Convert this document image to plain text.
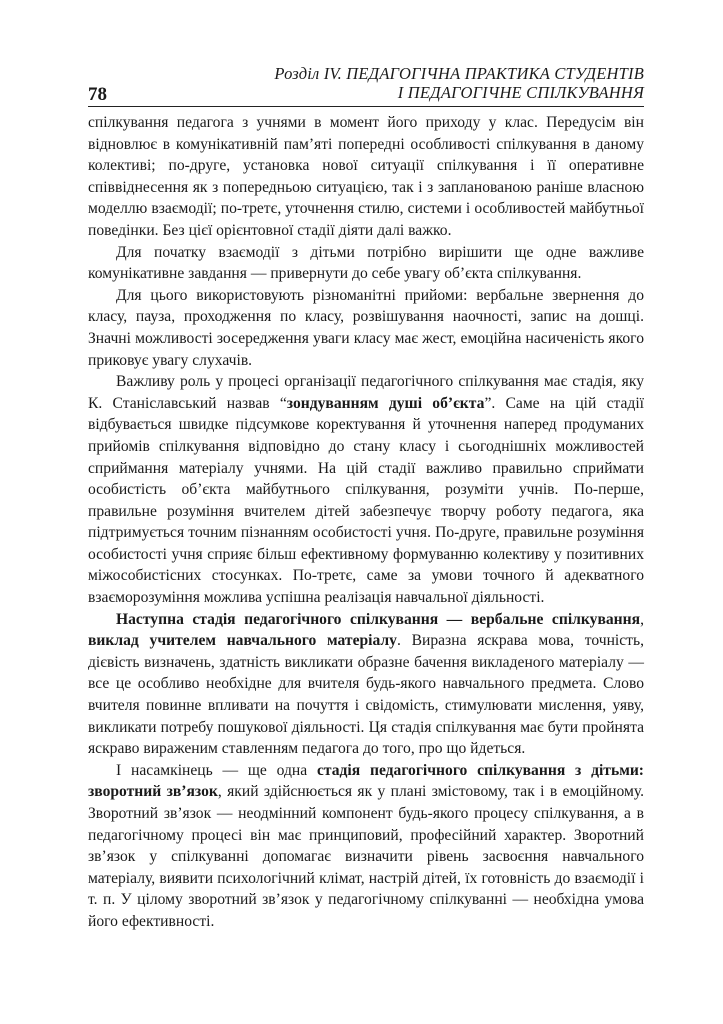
78
Розділ IV. ПЕДАГОГІЧНА ПРАКТИКА СТУДЕНТІВ
І ПЕДАГОГІЧНЕ СПІЛКУВАННЯ

спілкування педагога з учнями в момент його приходу у клас. Передусім він відновлює в комунікативній пам’яті попередні особливості спілкування в даному колективі; по-друге, установка нової ситуації спілкування і її оперативне співвіднесення як з попередньою ситуацією, так і з запланованою раніше власною моделлю взаємодії; по-третє, уточнення стилю, системи і особливостей майбутньої поведінки. Без цієї орієнтовної стадії діяти далі важко.

Для початку взаємодії з дітьми потрібно вирішити ще одне важливе комунікативне завдання — привернути до себе увагу об’єкта спілкування.

Для цього використовують різноманітні прийоми: вербальне звернення до класу, пауза, проходження по класу, розвішування наочності, запис на дошці. Значні можливості зосередження уваги класу має жест, емоційна насиченість якого приковує увагу слухачів.

Важливу роль у процесі організації педагогічного спілкування має стадія, яку К. Станіславський назвав “зондуванням душі об’єкта”. Саме на цій стадії відбувається швидке підсумкове коректування й уточнення наперед продуманих прийомів спілкування відповідно до стану класу і сьогоднішніх можливостей сприймання матеріалу учнями. На цій стадії важливо правильно сприймати особистість об’єкта майбутнього спілкування, розуміти учнів. По-перше, правильне розуміння вчителем дітей забезпечує творчу роботу педагога, яка підтримується точним пізнанням особистості учня. По-друге, правильне розуміння особистості учня сприяє більш ефективному формуванню колективу у позитивних міжособистісних стосунках. По-третє, саме за умови точного й адекватного взаєморозуміння можлива успішна реалізація навчальної діяльності.

Наступна стадія педагогічного спілкування — вербальне спілкування, виклад учителем навчального матеріалу. Виразна яскрава мова, точність, дієвість визначень, здатність викликати образне бачення викладеного матеріалу — все це особливо необхідне для вчителя будь-якого навчального предмета. Слово вчителя повинне впливати на почуття і свідомість, стимулювати мислення, уяву, викликати потребу пошукової діяльності. Ця стадія спілкування має бути пройнята яскраво вираженим ставленням педагога до того, про що йдеться.

І насамкінець — ще одна стадія педагогічного спілкування з дітьми: зворотний зв’язок, який здійснюється як у плані змістовому, так і в емоційному. Зворотний зв’язок — неодмінний компонент будь-якого процесу спілкування, а в педагогічному процесі він має принциповий, професійний характер. Зворотний зв’язок у спілкуванні допомагає визначити рівень засвоєння навчального матеріалу, виявити психологічний клімат, настрій дітей, їх готовність до взаємодії і т. п. У цілому зворотний зв’язок у педагогічному спілкуванні — необхідна умова його ефективності.
